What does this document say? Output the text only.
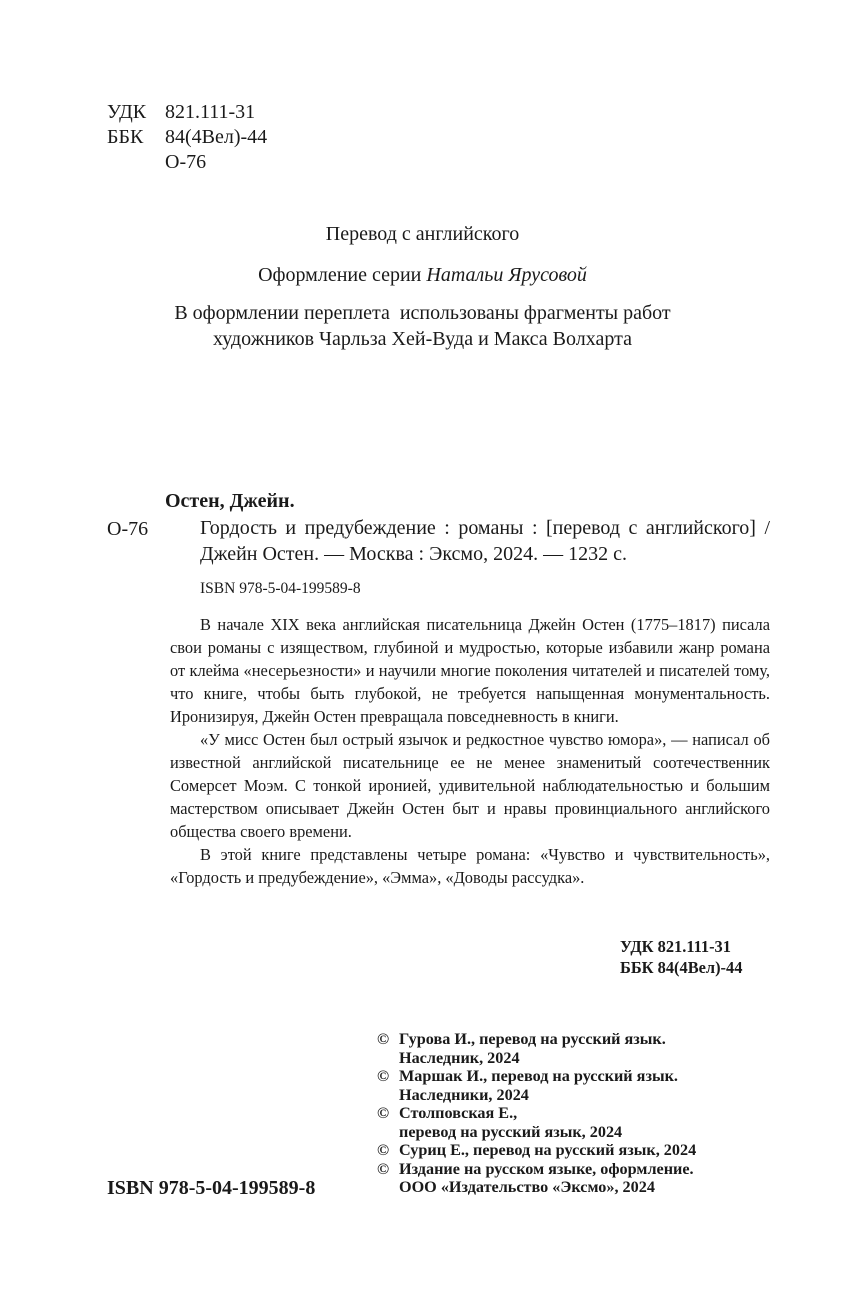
УДК 821.111-31
ББК 84(4Вел)-44
О-76
Перевод с английского
Оформление серии Натальи Ярусовой
В оформлении переплета  использованы фрагменты работ
художников Чарльза Хей-Вуда и Макса Волхарта
Остен, Джейн.
О-76	Гордость и предубеждение : романы : [перевод с английского] / Джейн Остен. — Москва : Эксмо, 2024. — 1232 с.
ISBN 978-5-04-199589-8

В начале XIX века английская писательница Джейн Остен (1775–1817) писала свои романы с изяществом, глубиной и мудростью, которые избавили жанр романа от клейма «несерьезности» и научили многие поколения читателей и писателей тому, что книге, чтобы быть глубокой, не требуется напыщенная монументальность. Иронизируя, Джейн Остен превращала повседневность в книги.

«У мисс Остен был острый язычок и редкостное чувство юмора», — написал об известной английской писательнице ее не менее знаменитый соотечественник Сомерсет Моэм. С тонкой иронией, удивительной наблюдательностью и большим мастерством описывает Джейн Остен быт и нравы провинциального английского общества своего времени.

В этой книге представлены четыре романа: «Чувство и чувствительность», «Гордость и предубеждение», «Эмма», «Доводы рассудка».

УДК 821.111-31
ББК 84(4Вел)-44
© Гурова И., перевод на русский язык.
Наследник, 2024
© Маршак И., перевод на русский язык.
Наследники, 2024
© Столповская Е.,
перевод на русский язык, 2024
© Суриц Е., перевод на русский язык, 2024
© Издание на русском языке, оформление.
ООО «Издательство «Эксмо», 2024
ISBN 978-5-04-199589-8
